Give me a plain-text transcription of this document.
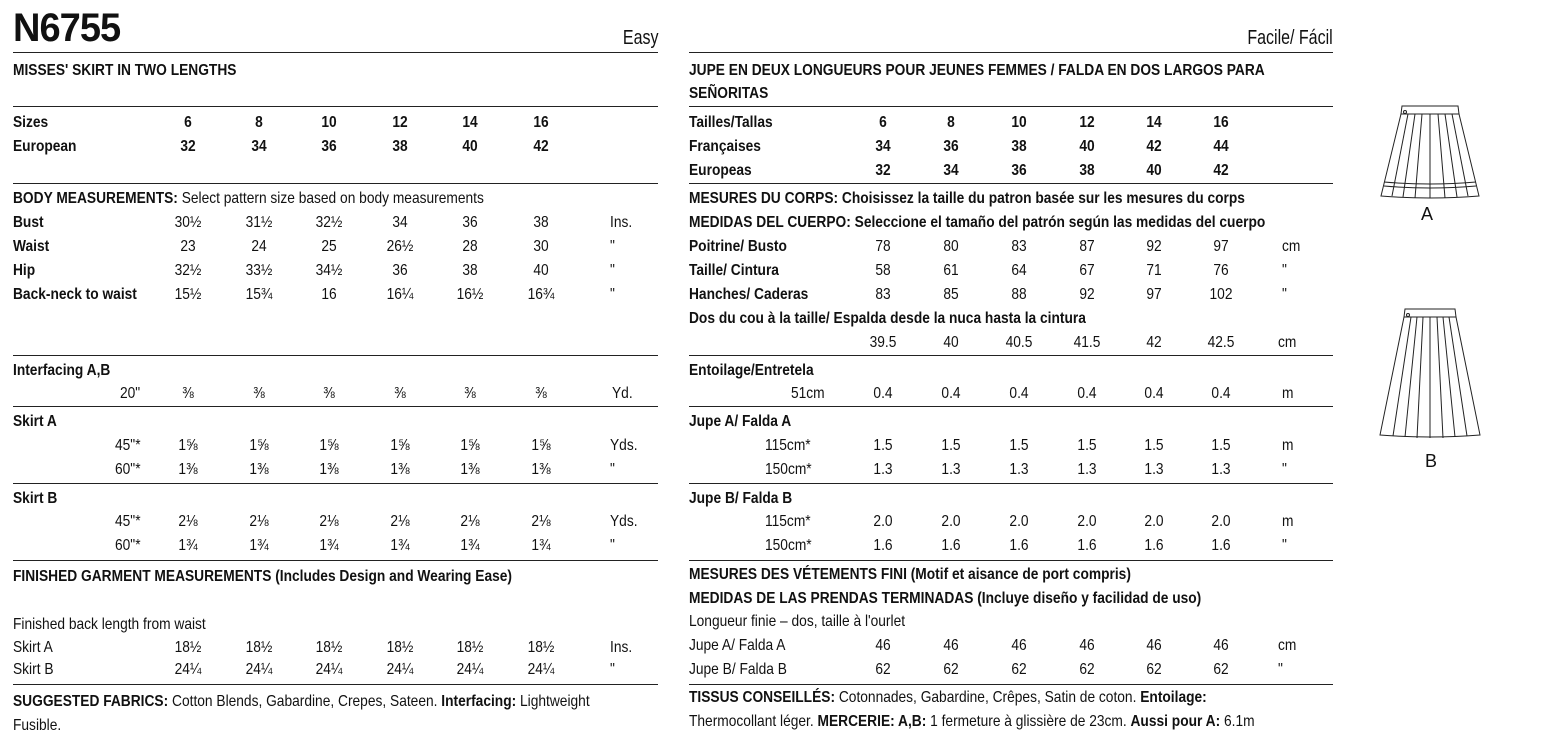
N6755	Easy
MISSES' SKIRT IN TWO LENGTHS
Sizes	6	8	10	12	14	16
European	32	34	36	38	40	42
BODY MEASUREMENTS: Select pattern size based on body measurements
Bust	30½	31½	32½	34	36	38	Ins.
Waist	23	24	25	26½	28	30	"
Hip	32½	33½	34½	36	38	40	"
Back-neck to waist 15½	15¾	16	16¼	16½	16¾	"
Interfacing A,B
20"	⅜	⅜	⅜	⅜	⅜	⅜	Yd.
Skirt A
45"* 1⅝	1⅝	1⅝	1⅝	1⅝	1⅝	Yds.
60"* 1⅜	1⅜	1⅜	1⅜	1⅜	1⅜	"
Skirt B
45"* 2⅛	2⅛	2⅛	2⅛	2⅛	2⅛	Yds.
60"* 1¾	1¾	1¾	1¾	1¾	1¾	"
FINISHED GARMENT MEASUREMENTS (Includes Design and Wearing Ease)
Finished back length from waist
Skirt A	18½	18½	18½	18½	18½	18½	Ins.
Skirt B	24¼	24¼	24¼	24¼	24¼	24¼	"
SUGGESTED FABRICS: Cotton Blends, Gabardine, Crepes, Sateen. Interfacing: Lightweight
Fusible.
Facile/ Fácil
JUPE EN DEUX LONGUEURS POUR JEUNES FEMMES / FALDA EN DOS LARGOS PARA
SEÑORITAS
Tailles/Tallas	6	8	10	12	14	16
Françaises	34	36	38	40	42	44
Europeas	32	34	36	38	40	42
MESURES DU CORPS: Choisissez la taille du patron basée sur les mesures du corps
MEDIDAS DEL CUERPO: Seleccione el tamaño del patrón según las medidas del cuerpo
Poitrine/ Busto	78	80	83	87	92	97	cm
Taille/ Cintura	58	61	64	67	71	76	"
Hanches/ Caderas	83	85	88	92	97	102	"
Dos du cou à la taille/ Espalda desde la nuca hasta la cintura
39.5	40	40.5	41.5	42	42.5	cm
Entoilage/Entretela
51cm	0.4	0.4	0.4	0.4	0.4	0.4	m
Jupe A/ Falda A
115cm*	1.5	1.5	1.5	1.5	1.5	1.5	m
150cm*	1.3	1.3	1.3	1.3	1.3	1.3	"
Jupe B/ Falda B
115cm*	2.0	2.0	2.0	2.0	2.0	2.0	m
150cm*	1.6	1.6	1.6	1.6	1.6	1.6	"
MESURES DES VÉTEMENTS FINI (Motif et aisance de port compris)
MEDIDAS DE LAS PRENDAS TERMINADAS (Incluye diseño y facilidad de uso)
Longueur finie – dos, taille à l'ourlet
Jupe A/ Falda A	46	46	46	46	46	46	cm
Jupe B/ Falda B	62	62	62	62	62	62	"
TISSUS CONSEILLÉS: Cotonnades, Gabardine, Crêpes, Satin de coton. Entoilage:
Thermocollant léger. MERCERIE: A,B: 1 fermeture à glissière de 23cm. Aussi pour A: 6.1m
A
B
